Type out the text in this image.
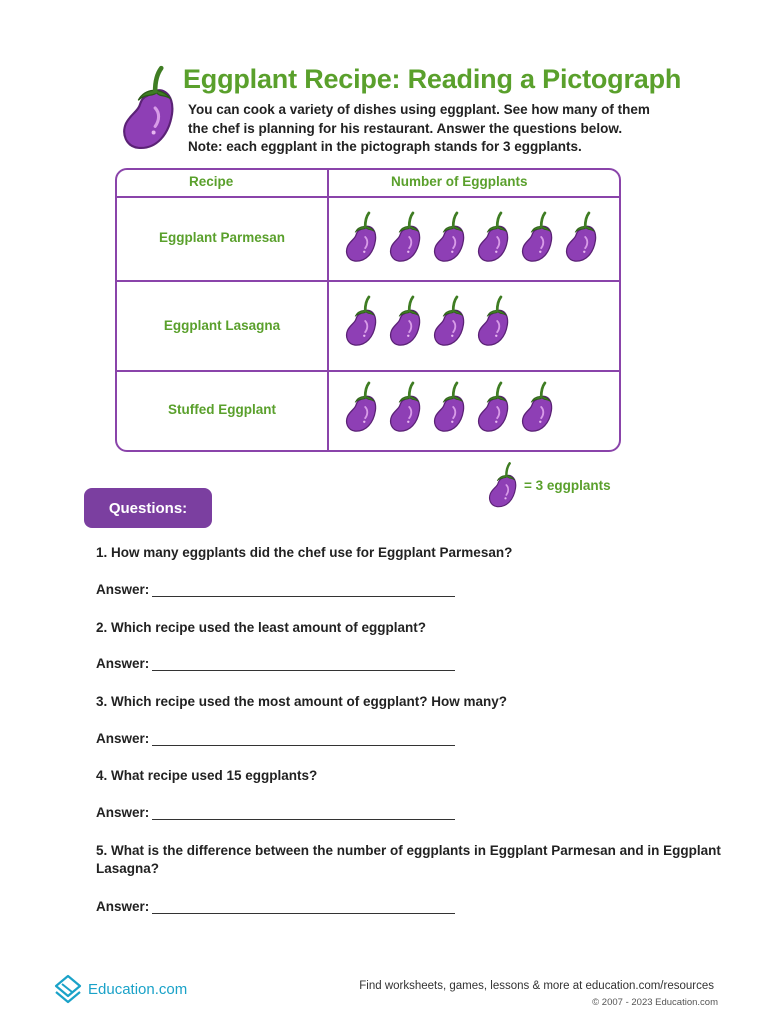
Eggplant Recipe: Reading a Pictograph
You can cook a variety of dishes using eggplant. See how many of them
the chef is planning for his restaurant. Answer the questions below.
Note: each eggplant in the pictograph stands for 3 eggplants.
Recipe	Number of Eggplants
Eggplant Parmesan
Eggplant Lasagna
Stuffed Eggplant
= 3 eggplants
Questions:
1. How many eggplants did the chef use for Eggplant Parmesan?
Answer:
2. Which recipe used the least amount of eggplant?
Answer:
3. Which recipe used the most amount of eggplant? How many?
Answer:
4. What recipe used 15 eggplants?
Answer:
5. What is the difference between the number of eggplants in Eggplant Parmesan and in Eggplant Lasagna?
Answer:
Education.com	Find worksheets, games, lessons & more at education.com/resources
© 2007 - 2023 Education.com
